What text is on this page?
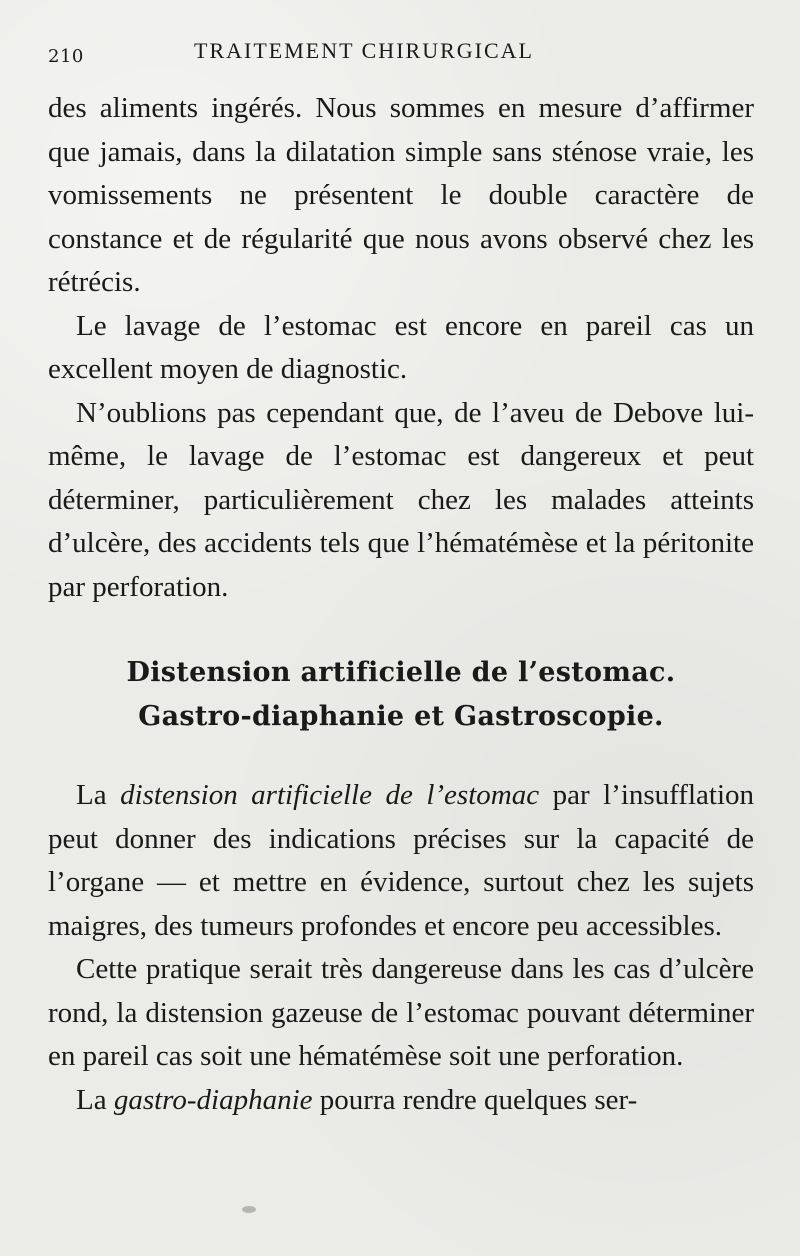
210	TRAITEMENT CHIRURGICAL

des aliments ingérés. Nous sommes en mesure d’affirmer que jamais, dans la dilatation simple sans sténose vraie, les vomissements ne présentent le double caractère de constance et de régularité que nous avons observé chez les rétrécis.

Le lavage de l’estomac est encore en pareil cas un excellent moyen de diagnostic.

N’oublions pas cependant que, de l’aveu de Debove lui-même, le lavage de l’estomac est dangereux et peut déterminer, particulièrement chez les malades atteints d’ulcère, des accidents tels que l’hématémèse et la péritonite par perforation.

Distension artificielle de l’estomac.
Gastro-diaphanie et Gastroscopie.

La distension artificielle de l’estomac par l’insufflation peut donner des indications précises sur la capacité de l’organe — et mettre en évidence, surtout chez les sujets maigres, des tumeurs profondes et encore peu accessibles.

Cette pratique serait très dangereuse dans les cas d’ulcère rond, la distension gazeuse de l’estomac pouvant déterminer en pareil cas soit une hématémèse soit une perforation.

La gastro-diaphanie pourra rendre quelques ser-
